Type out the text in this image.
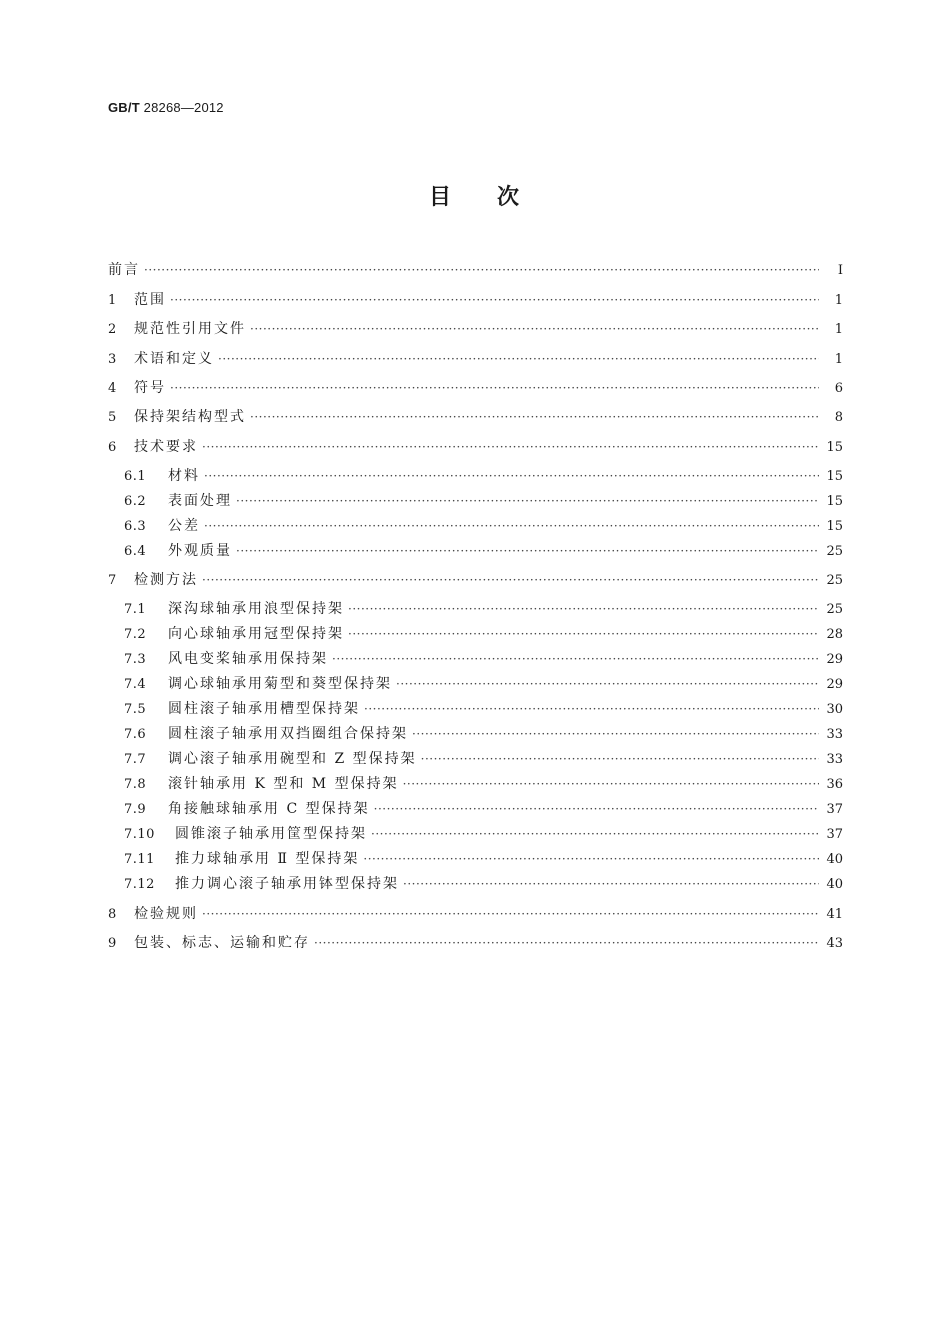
GB/T 28268—2012
目 次
前言 ·····	Ⅰ
1	范围 ·····	1
2	规范性引用文件 ·····	1
3	术语和定义 ·····	1
4	符号 ·····	6
5	保持架结构型式 ·····	8
6	技术要求 ·····	15
6.1	材料 ·····	15
6.2	表面处理 ·····	15
6.3	公差 ·····	15
6.4	外观质量 ·····	25
7	检测方法 ·····	25
7.1	深沟球轴承用浪型保持架 ·····	25
7.2	向心球轴承用冠型保持架 ·····	28
7.3	风电变桨轴承用保持架 ·····	29
7.4	调心球轴承用菊型和葵型保持架 ·····	29
7.5	圆柱滚子轴承用槽型保持架 ·····	30
7.6	圆柱滚子轴承用双挡圈组合保持架 ·····	33
7.7	调心滚子轴承用碗型和 Z 型保持架 ·····	33
7.8	滚针轴承用 K 型和 M 型保持架 ·····	36
7.9	角接触球轴承用 C 型保持架 ·····	37
7.10	圆锥滚子轴承用筐型保持架 ·····	37
7.11	推力球轴承用 Ⅱ 型保持架 ·····	40
7.12	推力调心滚子轴承用钵型保持架 ·····	40
8	检验规则 ·····	41
9	包装、标志、运输和贮存 ·····	43
